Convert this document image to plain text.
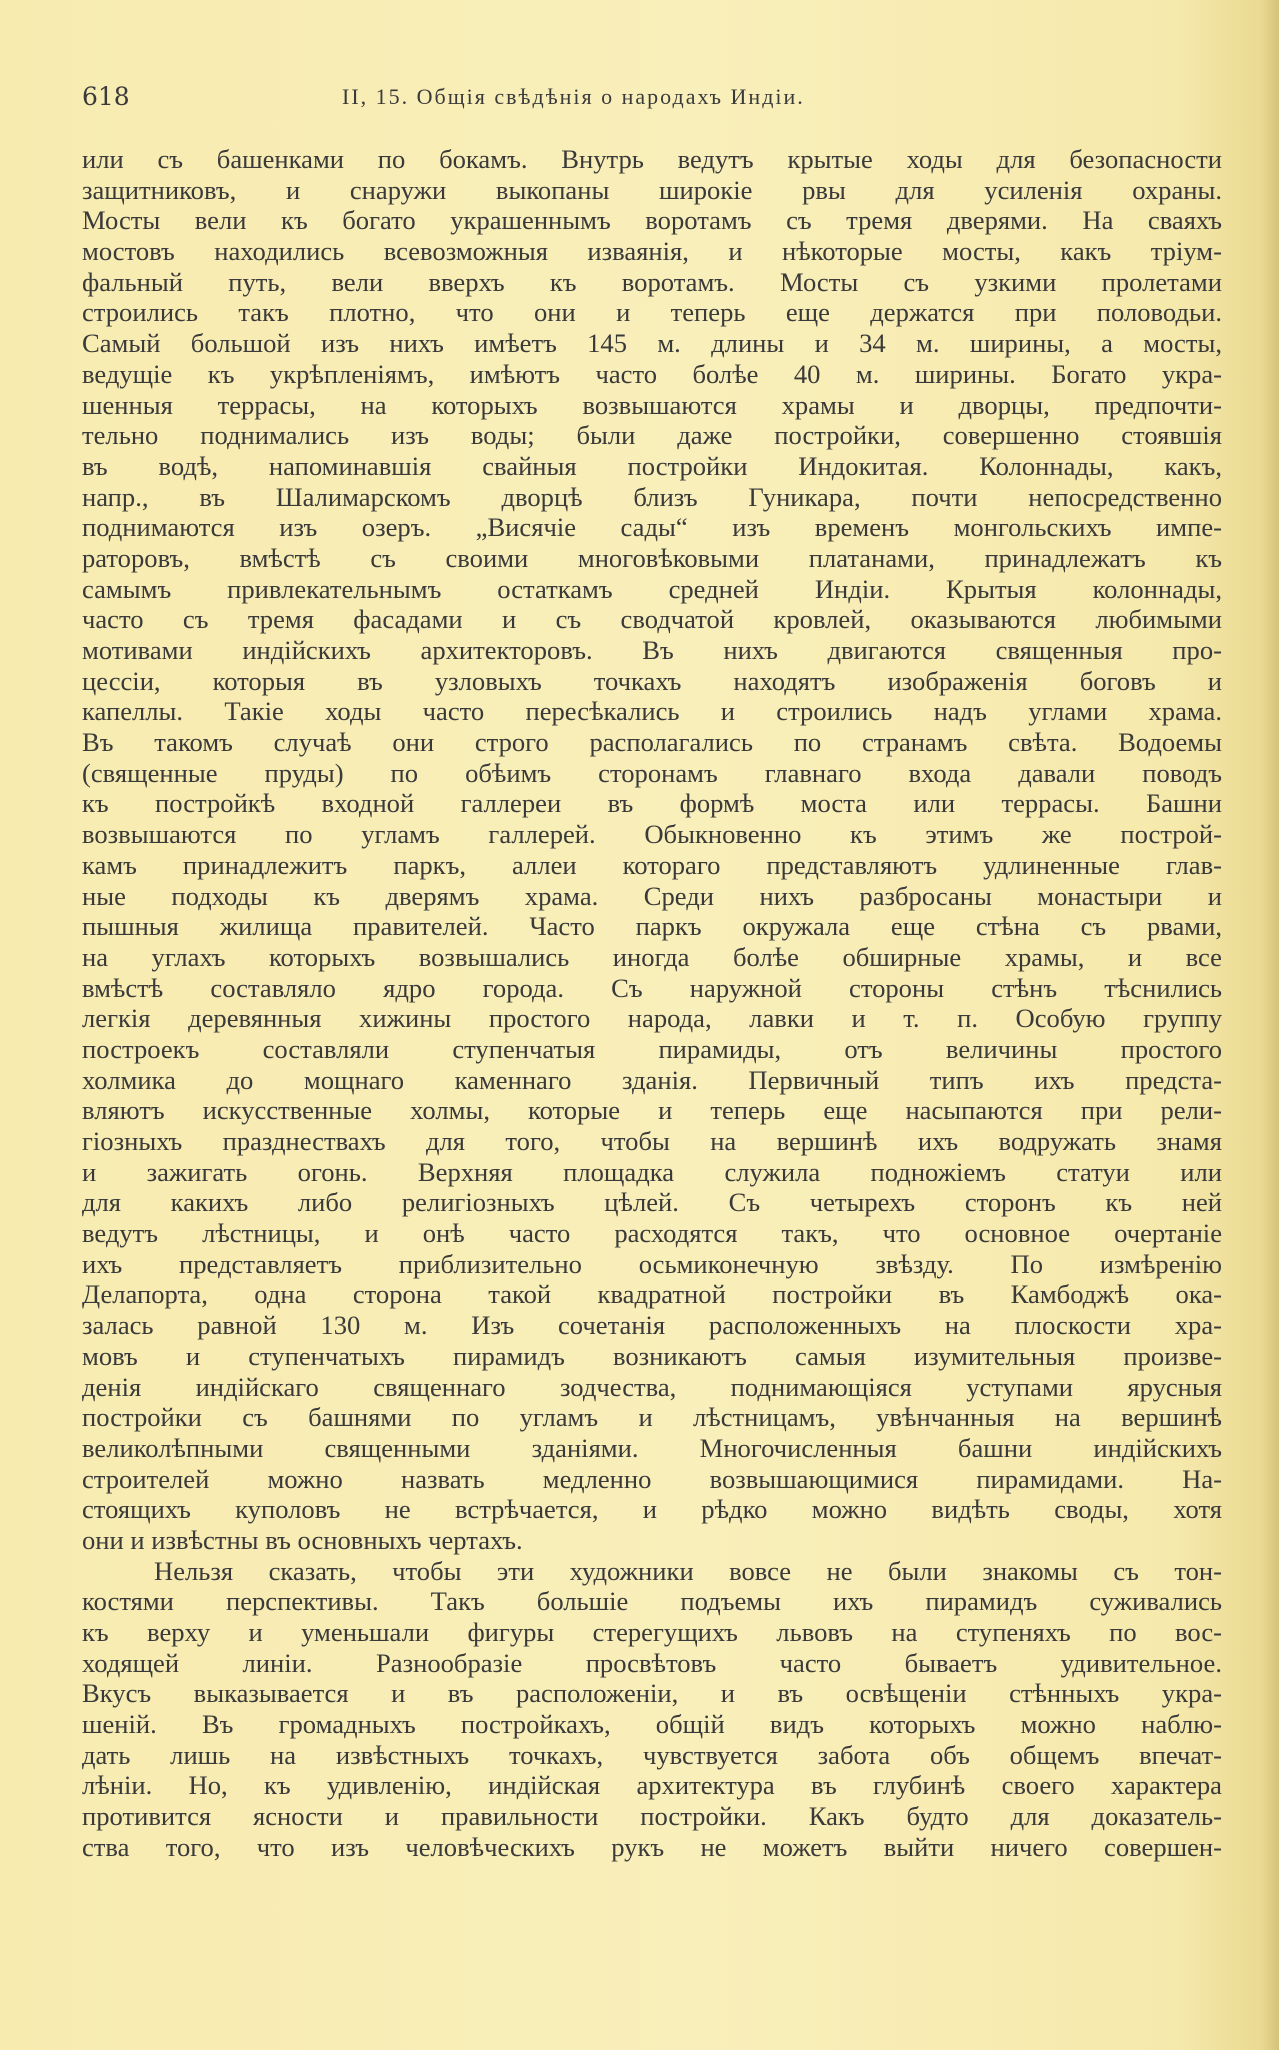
618	II, 15. Общія свѣдѣнія о народахъ Индіи.
или съ башенками по бокамъ. Внутрь ведутъ крытые ходы для безопасности
защитниковъ, и снаружи выкопаны широкіе рвы для усиленія охраны.
Мосты вели къ богато украшеннымъ воротамъ съ тремя дверями. На сваяхъ
мостовъ находились всевозможныя изваянія, и нѣкоторые мосты, какъ тріум-
фальный путь, вели вверхъ къ воротамъ. Мосты съ узкими пролетами
строились такъ плотно, что они и теперь еще держатся при половодьи.
Самый большой изъ нихъ имѣетъ 145 м. длины и 34 м. ширины, а мосты,
ведущіе къ укрѣпленіямъ, имѣютъ часто болѣе 40 м. ширины. Богато укра-
шенныя террасы, на которыхъ возвышаются храмы и дворцы, предпочти-
тельно поднимались изъ воды; были даже постройки, совершенно стоявшія
въ водѣ, напоминавшія свайныя постройки Индокитая. Колоннады, какъ,
напр., въ Шалимарскомъ дворцѣ близъ Гуникара, почти непосредственно
поднимаются изъ озеръ. „Висячіе сады“ изъ временъ монгольскихъ импе-
раторовъ, вмѣстѣ съ своими многовѣковыми платанами, принадлежатъ къ
самымъ привлекательнымъ остаткамъ средней Индіи. Крытыя колоннады,
часто съ тремя фасадами и съ сводчатой кровлей, оказываются любимыми
мотивами индійскихъ архитекторовъ. Въ нихъ двигаются священныя про-
цессіи, которыя въ узловыхъ точкахъ находятъ изображенія боговъ и
капеллы. Такіе ходы часто пересѣкались и строились надъ углами храма.
Въ такомъ случаѣ они строго располагались по странамъ свѣта. Водоемы
(священные пруды) по обѣимъ сторонамъ главнаго входа давали поводъ
къ постройкѣ входной галлереи въ формѣ моста или террасы. Башни
возвышаются по угламъ галлерей. Обыкновенно къ этимъ же построй-
камъ принадлежитъ паркъ, аллеи котораго представляютъ удлиненные глав-
ные подходы къ дверямъ храма. Среди нихъ разбросаны монастыри и
пышныя жилища правителей. Часто паркъ окружала еще стѣна съ рвами,
на углахъ которыхъ возвышались иногда болѣе обширные храмы, и все
вмѣстѣ составляло ядро города. Съ наружной стороны стѣнъ тѣснились
легкія деревянныя хижины простого народа, лавки и т. п. Особую группу
построекъ составляли ступенчатыя пирамиды, отъ величины простого
холмика до мощнаго каменнаго зданія. Первичный типъ ихъ предста-
вляютъ искусственные холмы, которые и теперь еще насыпаются при рели-
гіозныхъ празднествахъ для того, чтобы на вершинѣ ихъ водружать знамя
и зажигать огонь. Верхняя площадка служила подножіемъ статуи или
для какихъ либо религіозныхъ цѣлей. Съ четырехъ сторонъ къ ней
ведутъ лѣстницы, и онѣ часто расходятся такъ, что основное очертаніе
ихъ представляетъ приблизительно осьмиконечную звѣзду. По измѣренію
Делапорта, одна сторона такой квадратной постройки въ Камбоджѣ ока-
залась равной 130 м. Изъ сочетанія расположенныхъ на плоскости хра-
мовъ и ступенчатыхъ пирамидъ возникаютъ самыя изумительныя произве-
денія индійскаго священнаго зодчества, поднимающіяся уступами ярусныя
постройки съ башнями по угламъ и лѣстницамъ, увѣнчанныя на вершинѣ
великолѣпными священными зданіями. Многочисленныя башни индійскихъ
строителей можно назвать медленно возвышающимися пирамидами. На-
стоящихъ куполовъ не встрѣчается, и рѣдко можно видѣть своды, хотя
они и извѣстны въ основныхъ чертахъ.
Нельзя сказать, чтобы эти художники вовсе не были знакомы съ тон-
костями перспективы. Такъ большіе подъемы ихъ пирамидъ суживались
къ верху и уменьшали фигуры стерегущихъ львовъ на ступеняхъ по вос-
ходящей линіи. Разнообразіе просвѣтовъ часто бываетъ удивительное.
Вкусъ выказывается и въ расположеніи, и въ освѣщеніи стѣнныхъ укра-
шеній. Въ громадныхъ постройкахъ, общій видъ которыхъ можно наблю-
дать лишь на извѣстныхъ точкахъ, чувствуется забота объ общемъ впечат-
лѣніи. Но, къ удивленію, индійская архитектура въ глубинѣ своего характера
противится ясности и правильности постройки. Какъ будто для доказатель-
ства того, что изъ человѣческихъ рукъ не можетъ выйти ничего совершен-
